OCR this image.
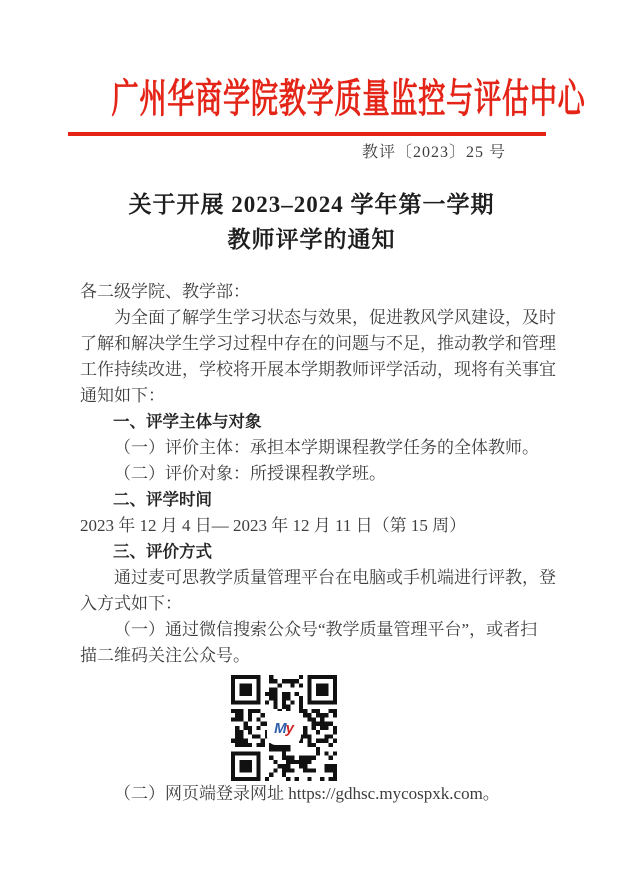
广州华商学院教学质量监控与评估中心
教评〔2023〕25 号
关于开展 2023–2024 学年第一学期
教师评学的通知

各二级学院、教学部：

为全面了解学生学习状态与效果，促进教风学风建设，及时

了解和解决学生学习过程中存在的问题与不足，推动教学和管理

工作持续改进，学校将开展本学期教师评学活动，现将有关事宜

通知如下：

一、评学主体与对象

（一）评价主体：承担本学期课程教学任务的全体教师。

（二）评价对象：所授课程教学班。

二、评学时间

2023 年 12 月 4 日— 2023 年 12 月 11 日（第 15 周）

三、评价方式

通过麦可思教学质量管理平台在电脑或手机端进行评教，登

入方式如下：

（一）通过微信搜索公众号“教学质量管理平台”，或者扫

描二维码关注公众号。

M y

（二）网页端登录网址 https://gdhsc.mycospxk.com。
